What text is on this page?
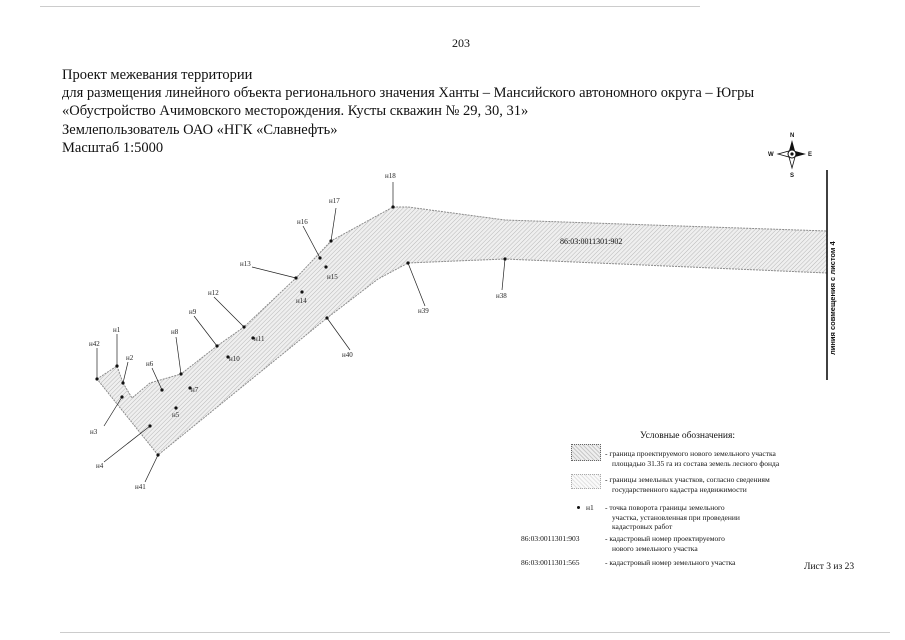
203
Проект межевания территории
для размещения линейного объекта регионального значения Ханты – Мансийского автономного округа – Югры
«Обустройство Ачимовского месторождения. Кусты скважин № 29, 30, 31»
Землепользователь ОАО «НГК «Славнефть»
Масштаб 1:5000
линия совмещения с листом 4
86:03:0011301:902
N
S
E
W
н42
н1
н2
н3
н4
н5
н6
н7
н8
н9
н10
н11
н12
н13
н14
н15
н16
н17
н18
н38
н39
н40
н41
Условные обозначения:
- граница проектируемого нового земельного участка
площадью 31.35 га из состава земель лесного фонда
- границы земельных участков, согласно сведениям
государственного кадастра недвижимости
н1 - точка поворота границы земельного
участка, установленная при проведении
кадастровых работ
86:03:0011301:903	- кадастровый номер проектируемого
нового земельного участка
86:03:0011301:565	- кадастровый номер земельного участка	Лист 3 из 23
